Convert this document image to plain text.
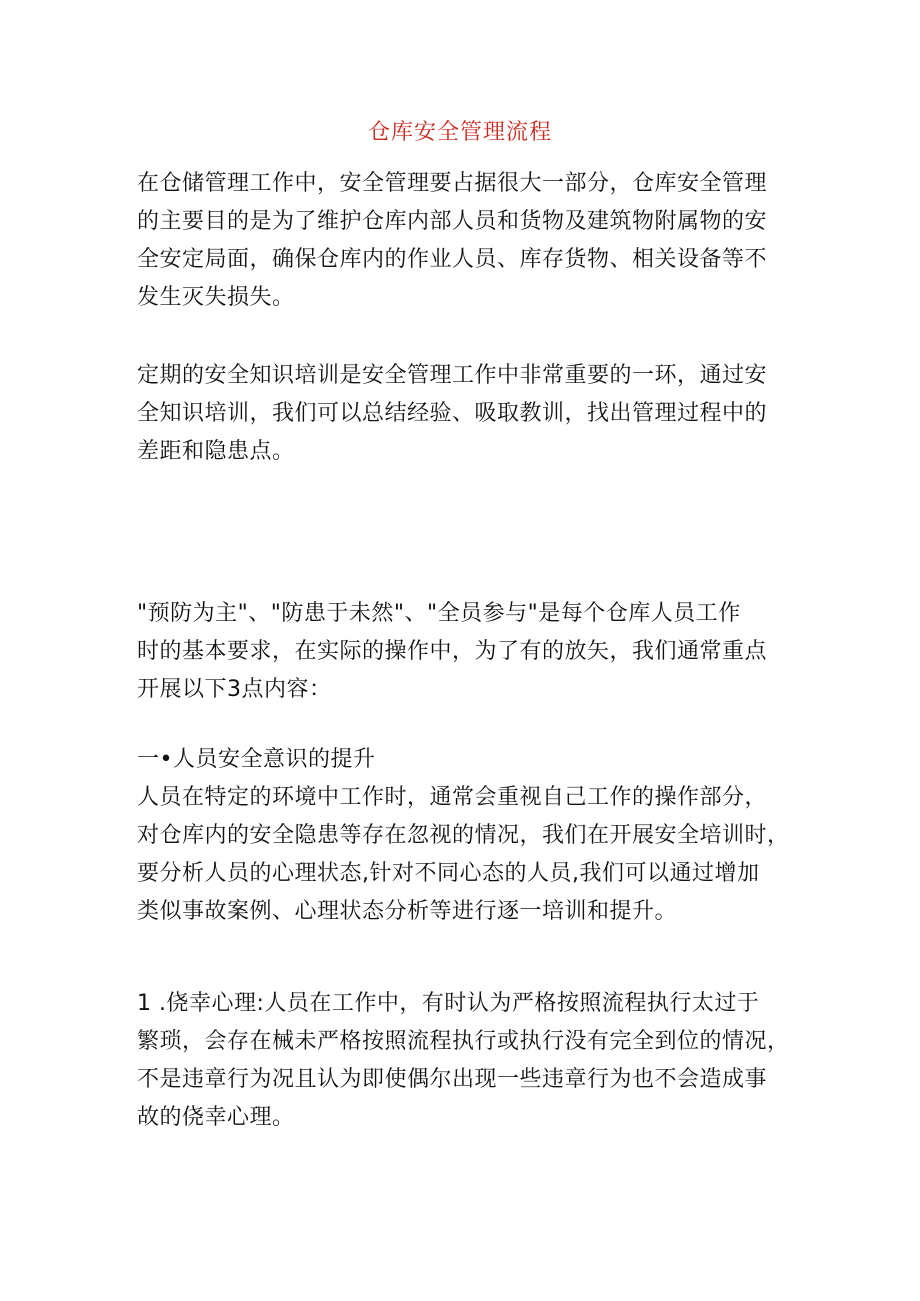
仓库安全管理流程
在仓储管理工作中，安全管理要占据很大一部分，仓库安全管理
的主要目的是为了维护仓库内部人员和货物及建筑物附属物的安
全安定局面，确保仓库内的作业人员、库存货物、相关设备等不
发生灭失损失。
定期的安全知识培训是安全管理工作中非常重要的一环，通过安
全知识培训，我们可以总结经验、吸取教训，找出管理过程中的
差距和隐患点。
"预防为主"、"防患于未然"、"全员参与"是每个仓库人员工作
时的基本要求，在实际的操作中，为了有的放矢，我们通常重点
开展以下3点内容：
一•人员安全意识的提升
人员在特定的环境中工作时，通常会重视自己工作的操作部分，
对仓库内的安全隐患等存在忽视的情况，我们在开展安全培训时，
要分析人员的心理状态,针对不同心态的人员,我们可以通过增加
类似事故案例、心理状态分析等进行逐一培训和提升。
1 .侥幸心理:人员在工作中，有时认为严格按照流程执行太过于
繁琐，会存在械未严格按照流程执行或执行没有完全到位的情况，
不是违章行为况且认为即使偶尔出现一些违章行为也不会造成事
故的侥幸心理。
